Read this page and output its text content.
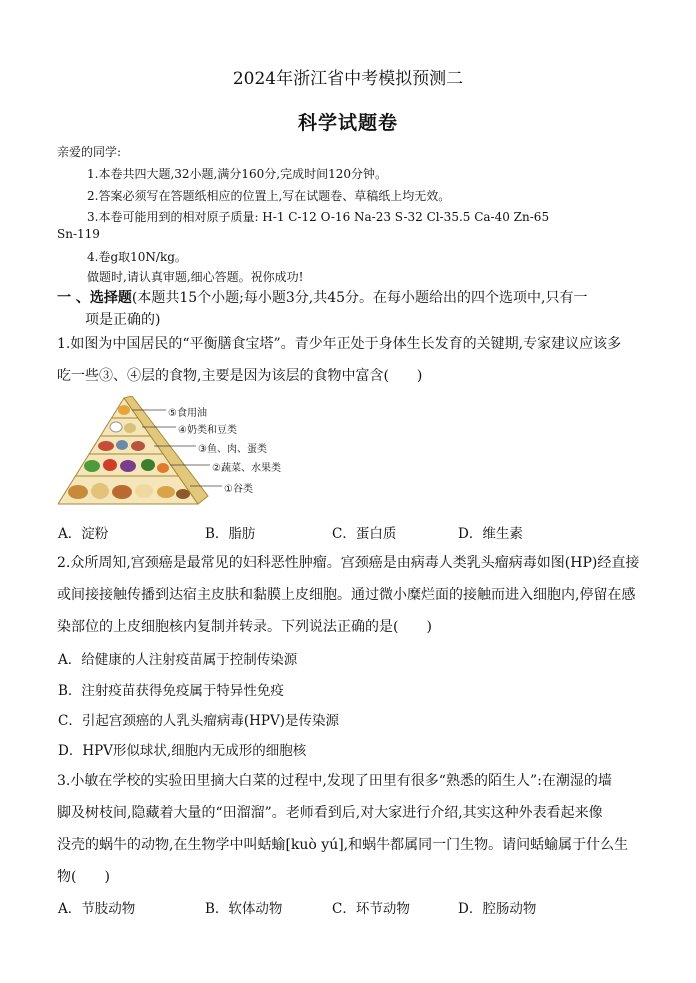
2024年浙江省中考模拟预测二
科学试题卷
亲爱的同学:
1.本卷共四大题,32小题,满分160分,完成时间120分钟。
2.答案必须写在答题纸相应的位置上,写在试题卷、草稿纸上均无效。
3.本卷可能用到的相对原子质量: H-1 C-12 O-16 Na-23 S-32 Cl-35.5 Ca-40 Zn-65
Sn-119
4.卷g取10N/kg。
做题时,请认真审题,细心答题。祝你成功!
一 、选择题(本题共15个小题;每小题3分,共45分。在每小题给出的四个选项中,只有一
项是正确的)
1.如图为中国居民的“平衡膳食宝塔”。青少年正处于身体生长发育的关键期,专家建议应该多
吃一些③、④层的食物,主要是因为该层的食物中富含(　　)
⑤食用油
④奶类和豆类
③鱼、肉、蛋类
②蔬菜、水果类
①谷类
A．淀粉	B．脂肪	C．蛋白质	D．维生素
2.众所周知,宫颈癌是最常见的妇科恶性肿瘤。宫颈癌是由病毒人类乳头瘤病毒如图(HP)经直接
或间接接触传播到达宿主皮肤和黏膜上皮细胞。通过微小糜烂面的接触而进入细胞内,停留在感
染部位的上皮细胞核内复制并转录。下列说法正确的是(　　)
A．给健康的人注射疫苗属于控制传染源
B．注射疫苗获得免疫属于特异性免疫
C．引起宫颈癌的人乳头瘤病毒(HPV)是传染源
D．HPV形似球状,细胞内无成形的细胞核
3.小敏在学校的实验田里摘大白菜的过程中,发现了田里有很多“熟悉的陌生人”:在潮湿的墙
脚及树枝间,隐藏着大量的“田溜溜”。老师看到后,对大家进行介绍,其实这种外表看起来像
没壳的蜗牛的动物,在生物学中叫蛞蝓[kuò yú],和蜗牛都属同一门生物。请问蛞蝓属于什么生
物(　　)
A．节肢动物	B．软体动物	C．环节动物	D．腔肠动物
